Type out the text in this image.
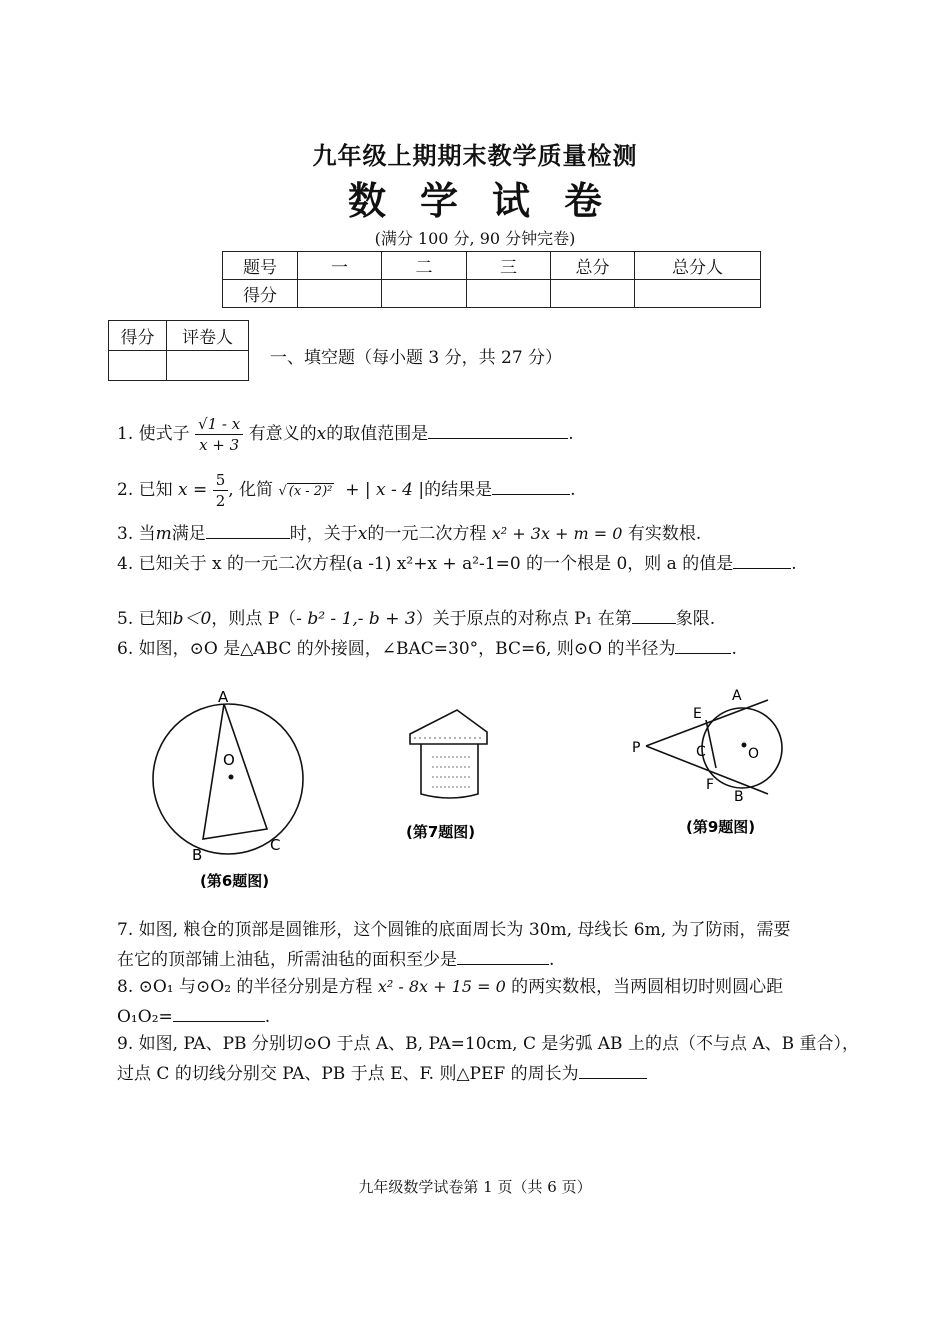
九年级上期期末教学质量检测
数学试卷
(满分 100 分, 90 分钟完卷)
题号	一	二	三	总分	总分人
得分					
得分	评卷人

一、填空题（每小题 3 分，共 27 分）
1. 使式子 $\frac{√1 - x}{x + 3}$ 有意义的x的取值范围是	.
2. 已知 $x = \frac{5}{2}$ , 化简 √ (x - 2)² + | x - 4 |的结果是	.
3. 当m满足	时，关于x的一元二次方程 x² + 3x + m = 0 有实数根.
4. 已知关于 x 的一元二次方程(a -1) x²+x + a²-1=0 的一个根是 0，则 a 的值是	.
5. 已知b＜0，则点 P（- b² - 1,- b + 3）关于原点的对称点 P₁ 在第	象限.
6. 如图，⊙O 是△ABC 的外接圆，∠BAC=30°，BC=6, 则⊙O 的半径为	.
A
O
B
C
(第6题图)
(第7题图)
A
E
P	C	O
F
B
(第9题图)
7. 如图, 粮仓的顶部是圆锥形，这个圆锥的底面周长为 30m, 母线长 6m, 为了防雨，需要
在它的顶部铺上油毡，所需油毡的面积至少是	.
8. ⊙O₁ 与⊙O₂ 的半径分别是方程 x² - 8x + 15 = 0 的两实数根，当两圆相切时则圆心距
O₁O₂=	.
9. 如图, PA、PB 分别切⊙O 于点 A、B, PA=10cm, C 是劣弧 AB 上的点（不与点 A、B 重合），
过点 C 的切线分别交 PA、PB 于点 E、F. 则△PEF 的周长为
九年级数学试卷第 1 页（共 6 页）
